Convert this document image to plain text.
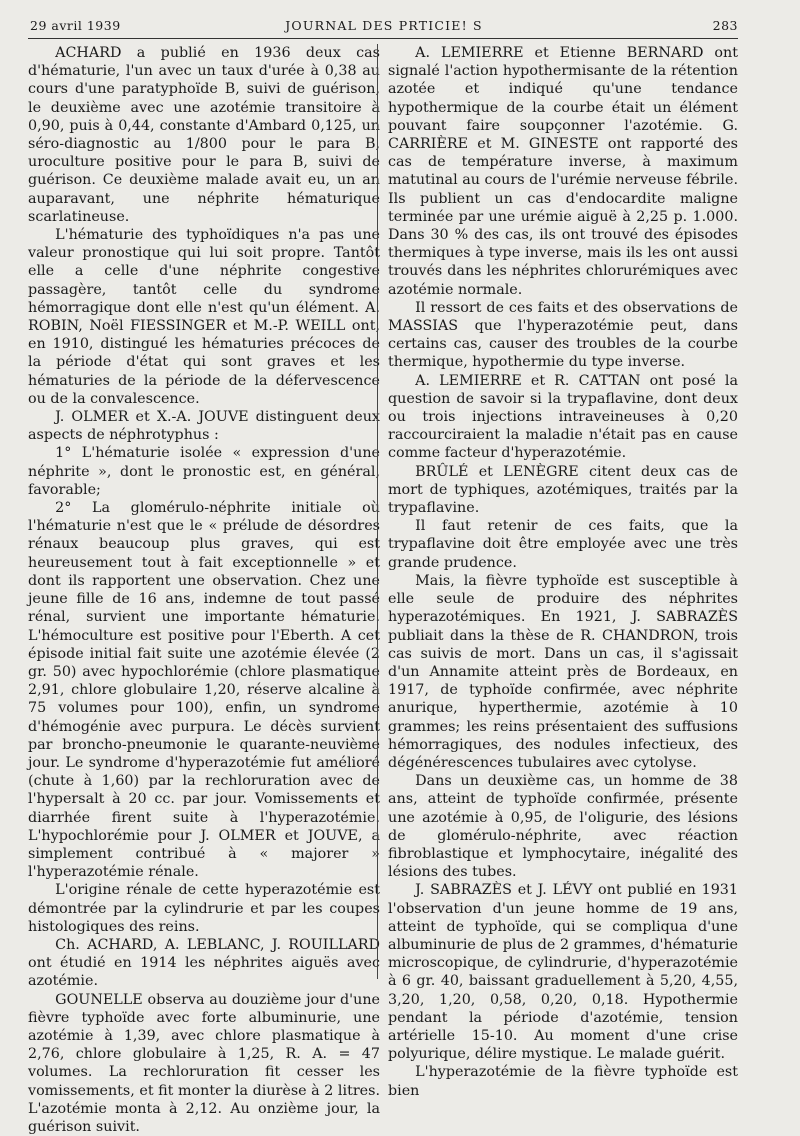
29 avril 1939	JOURNAL DES PRTICIE! S	283

ACHARD a publié en 1936 deux cas d'hématurie, l'un avec un taux d'urée à 0,38 au cours d'une paratyphoïde B, suivi de guérison, le deuxième avec une azotémie transitoire à 0,90, puis à 0,44, constante d'Ambard 0,125, un séro-diagnostic au 1/800 pour le para B, uroculture positive pour le para B, suivi de guérison. Ce deuxième malade avait eu, un an auparavant, une néphrite hématurique scarlatineuse.

L'hématurie des typhoïdiques n'a pas une valeur pronostique qui lui soit propre. Tantôt elle a celle d'une néphrite congestive passagère, tantôt celle du syndrome hémorragique dont elle n'est qu'un élément. A. ROBIN, Noël FIESSINGER et M.-P. WEILL ont, en 1910, distingué les hématuries précoces de la période d'état qui sont graves et les hématuries de la période de la défervescence ou de la convalescence.

J. OLMER et X.-A. JOUVE distinguent deux aspects de néphrotyphus :

1° L'hématurie isolée « expression d'une néphrite », dont le pronostic est, en général, favorable;

2° La glomérulo-néphrite initiale où l'hématurie n'est que le « prélude de désordres rénaux beaucoup plus graves, qui est heureusement tout à fait exceptionnelle » et dont ils rapportent une observation. Chez une jeune fille de 16 ans, indemne de tout passé rénal, survient une importante hématurie. L'hémoculture est positive pour l'Eberth. A cet épisode initial fait suite une azotémie élevée (2 gr. 50) avec hypochlorémie (chlore plasmatique 2,91, chlore globulaire 1,20, réserve alcaline à 75 volumes pour 100), enfin, un syndrome d'hémogénie avec purpura. Le décès survient par broncho-pneumonie le quarante-neuvième jour. Le syndrome d'hyperazotémie fut amélioré (chute à 1,60) par la rechloruration avec de l'hypersalt à 20 cc. par jour. Vomissements et diarrhée firent suite à l'hyperazotémie. L'hypochlorémie pour J. OLMER et JOUVE, a simplement contribué à « majorer » l'hyperazotémie rénale.

L'origine rénale de cette hyperazotémie est démontrée par la cylindrurie et par les coupes histologiques des reins.

Ch. ACHARD, A. LEBLANC, J. ROUILLARD ont étudié en 1914 les néphrites aiguës avec azotémie.

GOUNELLE observa au douzième jour d'une fièvre typhoïde avec forte albuminurie, une azotémie à 1,39, avec chlore plasmatique à 2,76, chlore globulaire à 1,25, R. A. = 47 volumes. La rechloruration fit cesser les vomissements, et fit monter la diurèse à 2 litres. L'azotémie monta à 2,12. Au onzième jour, la guérison suivit.

A. LEMIERRE et Etienne BERNARD ont signalé l'action hypothermisante de la rétention azotée et indiqué qu'une tendance hypothermique de la courbe était un élément pouvant faire soupçonner l'azotémie. G. CARRIÈRE et M. GINESTE ont rapporté des cas de température inverse, à maximum matutinal au cours de l'urémie nerveuse fébrile. Ils publient un cas d'endocardite maligne terminée par une urémie aiguë à 2,25 p. 1.000. Dans 30 % des cas, ils ont trouvé des épisodes thermiques à type inverse, mais ils les ont aussi trouvés dans les néphrites chlorurémiques avec azotémie normale.

Il ressort de ces faits et des observations de MASSIAS que l'hyperazotémie peut, dans certains cas, causer des troubles de la courbe thermique, hypothermie du type inverse.

A. LEMIERRE et R. CATTAN ont posé la question de savoir si la trypaflavine, dont deux ou trois injections intraveineuses à 0,20 raccourciraient la maladie n'était pas en cause comme facteur d'hyperazotémie.

BRÛLÉ et LENÈGRE citent deux cas de mort de typhiques, azotémiques, traités par la trypaflavine.

Il faut retenir de ces faits, que la trypaflavine doit être employée avec une très grande prudence.

Mais, la fièvre typhoïde est susceptible à elle seule de produire des néphrites hyperazotémiques. En 1921, J. SABRAZÈS publiait dans la thèse de R. CHANDRON, trois cas suivis de mort. Dans un cas, il s'agissait d'un Annamite atteint près de Bordeaux, en 1917, de typhoïde confirmée, avec néphrite anurique, hyperthermie, azotémie à 10 grammes; les reins présentaient des suffusions hémorragiques, des nodules infectieux, des dégénérescences tubulaires avec cytolyse.

Dans un deuxième cas, un homme de 38 ans, atteint de typhoïde confirmée, présente une azotémie à 0,95, de l'oligurie, des lésions de glomérulo-néphrite, avec réaction fibroblastique et lymphocytaire, inégalité des lésions des tubes.

J. SABRAZÈS et J. LÉVY ont publié en 1931 l'observation d'un jeune homme de 19 ans, atteint de typhoïde, qui se compliqua d'une albuminurie de plus de 2 grammes, d'hématurie microscopique, de cylindrurie, d'hyperazotémie à 6 gr. 40, baissant graduellement à 5,20, 4,55, 3,20, 1,20, 0,58, 0,20, 0,18. Hypothermie pendant la période d'azotémie, tension artérielle 15-10. Au moment d'une crise polyurique, délire mystique. Le malade guérit.

L'hyperazotémie de la fièvre typhoïde est bien
